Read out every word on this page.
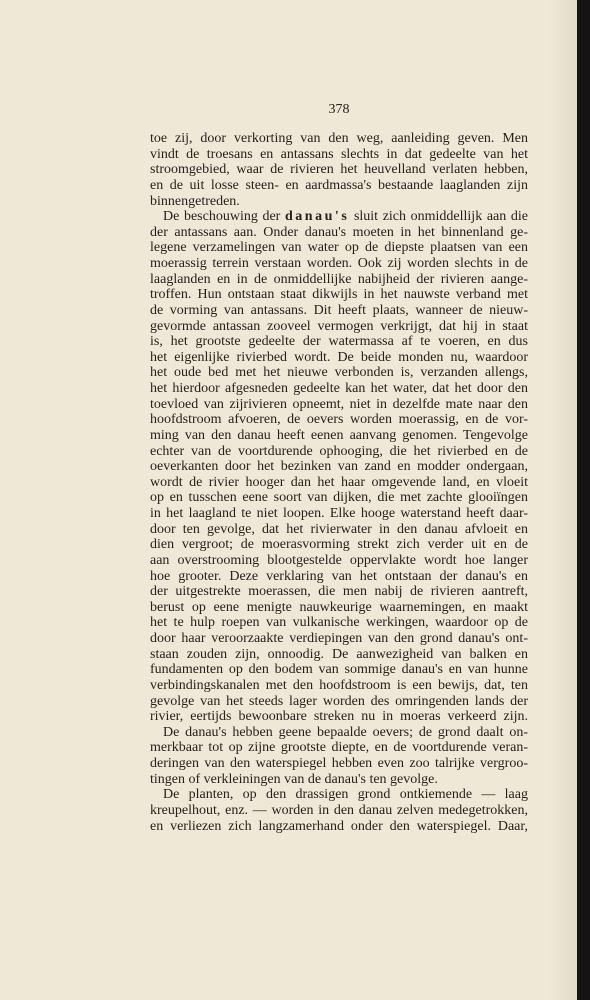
378
toe zij, door verkorting van den weg, aanleiding geven. Men
vindt de troesans en antassans slechts in dat gedeelte van het
stroomgebied, waar de rivieren het heuvelland verlaten hebben,
en de uit losse steen- en aardmassa's bestaande laaglanden zijn
binnengetreden.
De beschouwing der danau's sluit zich onmiddellijk aan die
der antassans aan. Onder danau's moeten in het binnenland ge-
legene verzamelingen van water op de diepste plaatsen van een
moerassig terrein verstaan worden. Ook zij worden slechts in de
laaglanden en in de onmiddellijke nabijheid der rivieren aange-
troffen. Hun ontstaan staat dikwijls in het nauwste verband met
de vorming van antassans. Dit heeft plaats, wanneer de nieuw-
gevormde antassan zooveel vermogen verkrijgt, dat hij in staat
is, het grootste gedeelte der watermassa af te voeren, en dus
het eigenlijke rivierbed wordt. De beide monden nu, waardoor
het oude bed met het nieuwe verbonden is, verzanden allengs,
het hierdoor afgesneden gedeelte kan het water, dat het door den
toevloed van zijrivieren opneemt, niet in dezelfde mate naar den
hoofdstroom afvoeren, de oevers worden moerassig, en de vor-
ming van den danau heeft eenen aanvang genomen. Tengevolge
echter van de voortdurende ophooging, die het rivierbed en de
oeverkanten door het bezinken van zand en modder ondergaan,
wordt de rivier hooger dan het haar omgevende land, en vloeit
op en tusschen eene soort van dijken, die met zachte glooiïngen
in het laagland te niet loopen. Elke hooge waterstand heeft daar-
door ten gevolge, dat het rivierwater in den danau afvloeit en
dien vergroot; de moerasvorming strekt zich verder uit en de
aan overstrooming blootgestelde oppervlakte wordt hoe langer
hoe grooter. Deze verklaring van het ontstaan der danau's en
der uitgestrekte moerassen, die men nabij de rivieren aantreft,
berust op eene menigte nauwkeurige waarnemingen, en maakt
het te hulp roepen van vulkanische werkingen, waardoor op de
door haar veroorzaakte verdiepingen van den grond danau's ont-
staan zouden zijn, onnoodig. De aanwezigheid van balken en
fundamenten op den bodem van sommige danau's en van hunne
verbindingskanalen met den hoofdstroom is een bewijs, dat, ten
gevolge van het steeds lager worden des omringenden lands der
rivier, eertijds bewoonbare streken nu in moeras verkeerd zijn.
De danau's hebben geene bepaalde oevers; de grond daalt on-
merkbaar tot op zijne grootste diepte, en de voortdurende veran-
deringen van den waterspiegel hebben even zoo talrijke vergroo-
tingen of verkleiningen van de danau's ten gevolge.
De planten, op den drassigen grond ontkiemende — laag
kreupelhout, enz. — worden in den danau zelven medegetrokken,
en verliezen zich langzamerhand onder den waterspiegel. Daar,
